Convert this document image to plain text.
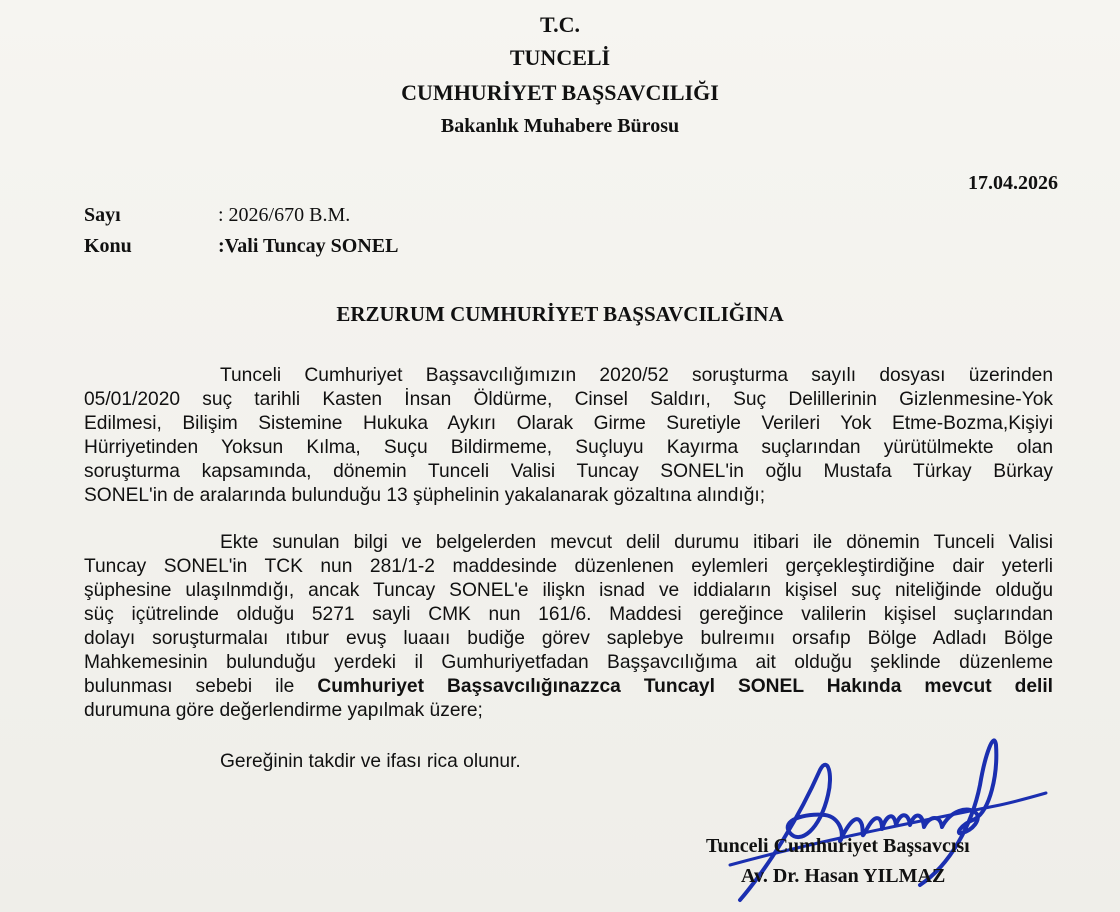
T.C.
TUNCELİ
CUMHURİYET BAŞSAVCILIĞI
Bakanlık Muhabere Bürosu
17.04.2026
Sayı	: 2026/670 B.M.
Konu	:Vali Tuncay SONEL
ERZURUM CUMHURİYET BAŞSAVCILIĞINA
Tunceli Cumhuriyet Başsavcılığımızın 2020/52 soruşturma sayılı dosyası üzerinden
05/01/2020 suç tarihli Kasten İnsan Öldürme, Cinsel Saldırı, Suç Delillerinin Gizlenmesine-Yok
Edilmesi, Bilişim Sistemine Hukuka Aykırı Olarak Girme Suretiyle Verileri Yok Etme-Bozma,Kişiyi
Hürriyetinden Yoksun Kılma, Suçu Bildirmeme, Suçluyu Kayırma suçlarından yürütülmekte olan
soruşturma kapsamında, dönemin Tunceli Valisi Tuncay SONEL'in oğlu Mustafa Türkay Bürkay
SONEL'in de aralarında bulunduğu 13 şüphelinin yakalanarak gözaltına alındığı;
Ekte sunulan bilgi ve belgelerden mevcut delil durumu itibari ile dönemin Tunceli Valisi
Tuncay SONEL'in TCK nun 281/1-2 maddesinde düzenlenen eylemleri gerçekleştirdiğine dair yeterli
şüphesine ulaşılnmdığı, ancak Tuncay SONEL'e ilişkn isnad ve iddiaların kişisel suç niteliğinde olduğu
süç içütrelinde olduğu 5271 sayli CMK nun 161/6. Maddesi gereğince valilerin kişisel suçlarından
dolayı soruşturmalaı ıtıbur evuş luaaıı budiğe görev saplebye bulreımıı orsafıp Bölge Adladı Bölge
Mahkemesinin bulunduğu yerdeki il Gumhuriyetfadan Başşavcılığıma ait olduğu şeklinde düzenleme
bulunması sebebi ile Cumhuriyet Başsavcılığınazzca Tuncayl SONEL Hakında mevcut delil
durumuna göre değerlendirme yapılmak üzere;
Gereğinin takdir ve ifası rica olunur.
Tunceli Cumhuriyet Başsavcısı
Av. Dr. Hasan YILMAZ
